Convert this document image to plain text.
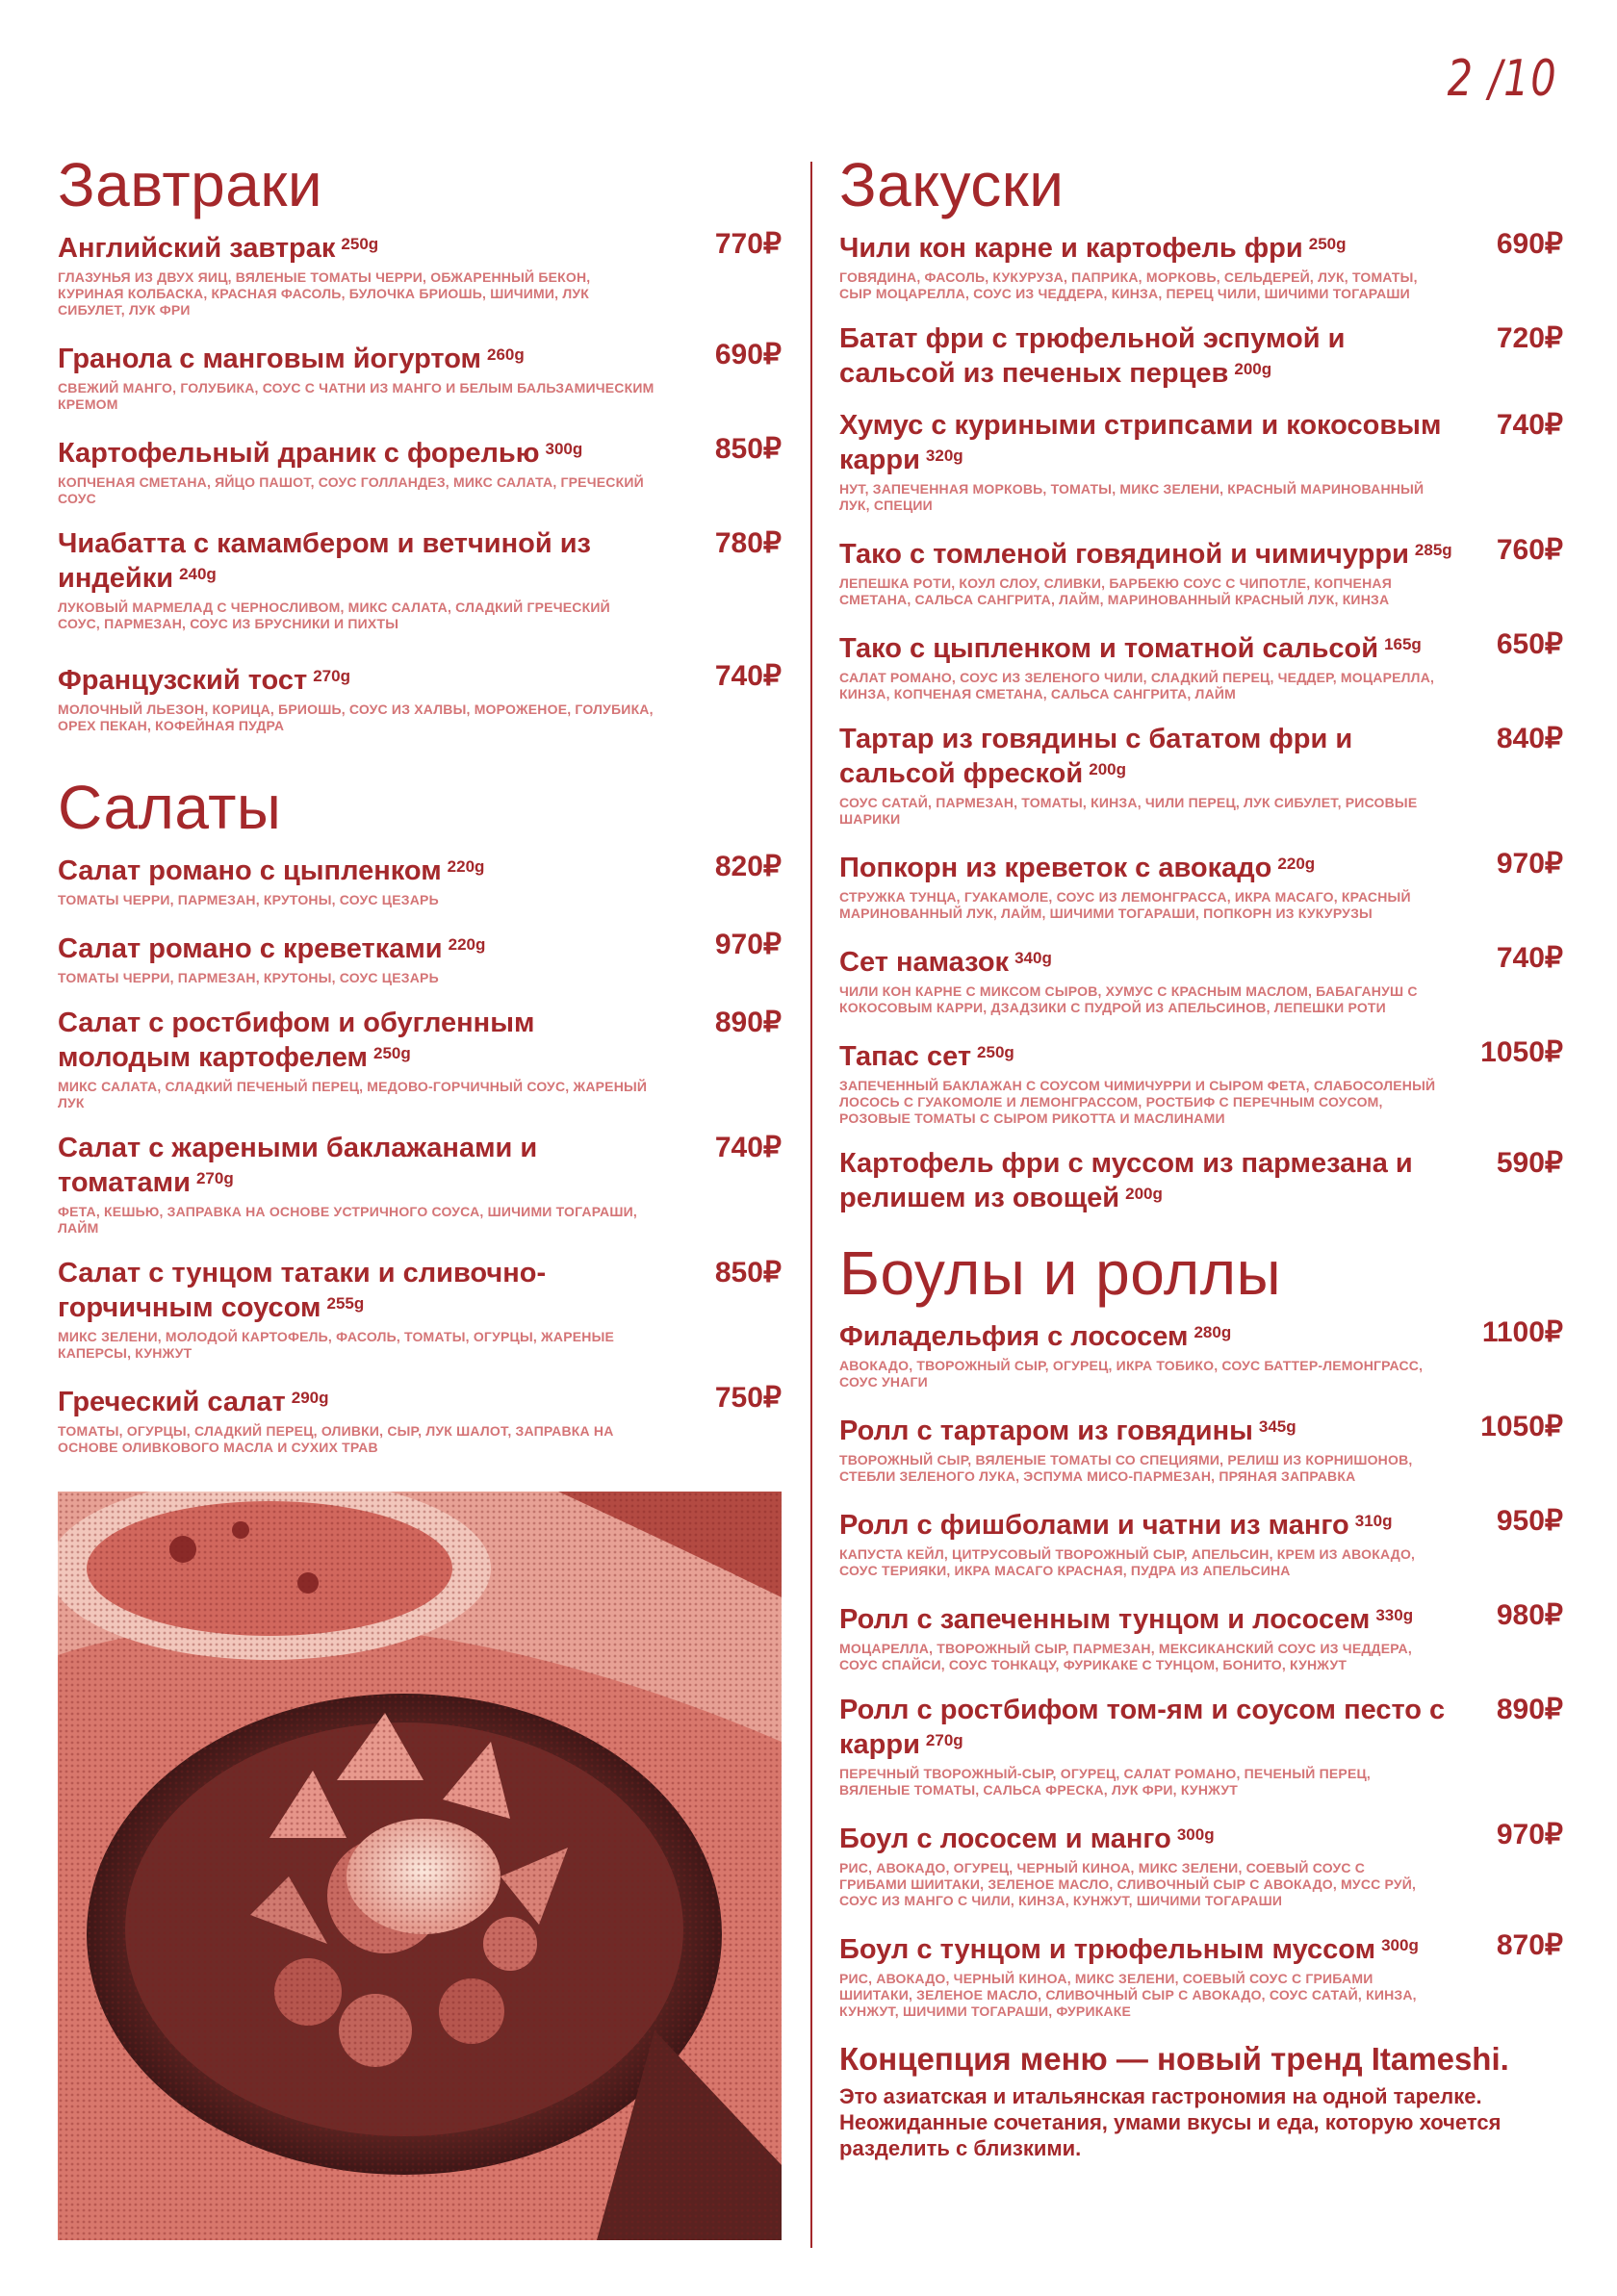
2 /10
Завтраки
Английский завтрак $^{250g}$	770₽
ГЛАЗУНЬЯ ИЗ ДВУХ ЯИЦ, ВЯЛЕНЫЕ ТОМАТЫ ЧЕРРИ, ОБЖАРЕННЫЙ БЕКОН, КУРИНАЯ КОЛБАСКА, КРАСНАЯ ФАСОЛЬ, БУЛОЧКА БРИОШЬ, ШИЧИМИ, ЛУК СИБУЛЕТ, ЛУК ФРИ
Гранола с манговым йогуртом $^{260g}$	690₽
СВЕЖИЙ МАНГО, ГОЛУБИКА, СОУС С ЧАТНИ ИЗ МАНГО И БЕЛЫМ БАЛЬЗАМИЧЕСКИМ КРЕМОМ
Картофельный драник с форелью $^{300g}$	850₽
КОПЧЕНАЯ СМЕТАНА, ЯЙЦО ПАШОТ, СОУС ГОЛЛАНДЕЗ, МИКС САЛАТА, ГРЕЧЕСКИЙ СОУС
Чиабатта с камамбером и ветчиной из индейки $^{240g}$
780₽
ЛУКОВЫЙ МАРМЕЛАД С ЧЕРНОСЛИВОМ, МИКС САЛАТА, СЛАДКИЙ ГРЕЧЕСКИЙ СОУС, ПАРМЕЗАН, СОУС ИЗ БРУСНИКИ И ПИХТЫ
Французский тост $^{270g}$	740₽
МОЛОЧНЫЙ ЛЬЕЗОН, КОРИЦА, БРИОШЬ, СОУС ИЗ ХАЛВЫ, МОРОЖЕНОЕ, ГОЛУБИКА, ОРЕХ ПЕКАН, КОФЕЙНАЯ ПУДРА
Салаты
Салат романо с цыпленком $^{220g}$	820₽
ТОМАТЫ ЧЕРРИ, ПАРМЕЗАН, КРУТОНЫ, СОУС ЦЕЗАРЬ
Салат романо с креветками $^{220g}$	970₽
ТОМАТЫ ЧЕРРИ, ПАРМЕЗАН, КРУТОНЫ, СОУС ЦЕЗАРЬ
Салат с ростбифом и обугленным молодым картофелем $^{250g}$
890₽
МИКС САЛАТА, СЛАДКИЙ ПЕЧЕНЫЙ ПЕРЕЦ, МЕДОВО-ГОРЧИЧНЫЙ СОУС, ЖАРЕНЫЙ ЛУК
Салат с жареными баклажанами и томатами $^{270g}$
740₽
ФЕТА, КЕШЬЮ, ЗАПРАВКА НА ОСНОВЕ УСТРИЧНОГО СОУСА, ШИЧИМИ ТОГАРАШИ, ЛАЙМ
Салат с тунцом татаки и сливочно-горчичным соусом $^{255g}$
850₽
МИКС ЗЕЛЕНИ, МОЛОДОЙ КАРТОФЕЛЬ, ФАСОЛЬ, ТОМАТЫ, ОГУРЦЫ, ЖАРЕНЫЕ КАПЕРСЫ, КУНЖУТ
Греческий салат $^{290g}$	750₽
ТОМАТЫ, ОГУРЦЫ, СЛАДКИЙ ПЕРЕЦ, ОЛИВКИ, СЫР, ЛУК ШАЛОТ, ЗАПРАВКА НА ОСНОВЕ ОЛИВКОВОГО МАСЛА И СУХИХ ТРАВ
Закуски
Чили кон карне и картофель фри $^{250g}$	690₽
ГОВЯДИНА, ФАСОЛЬ, КУКУРУЗА, ПАПРИКА, МОРКОВЬ, СЕЛЬДЕРЕЙ, ЛУК, ТОМАТЫ, СЫР МОЦАРЕЛЛА, СОУС ИЗ ЧЕДДЕРА, КИНЗА, ПЕРЕЦ ЧИЛИ, ШИЧИМИ ТОГАРАШИ
Батат фри с трюфельной эспумой и сальсой из печеных перцев $^{200g}$
720₽
Хумус с куриными стрипсами и кокосовым карри $^{320g}$
740₽
НУТ, ЗАПЕЧЕННАЯ МОРКОВЬ, ТОМАТЫ, МИКС ЗЕЛЕНИ, КРАСНЫЙ МАРИНОВАННЫЙ ЛУК, СПЕЦИИ
Тако с томленой говядиной и чимичурри $^{285g}$ 760₽
ЛЕПЕШКА РОТИ, КОУЛ СЛОУ, СЛИВКИ, БАРБЕКЮ СОУС С ЧИПОТЛЕ, КОПЧЕНАЯ СМЕТАНА, САЛЬСА САНГРИТА, ЛАЙМ, МАРИНОВАННЫЙ КРАСНЫЙ ЛУК, КИНЗА
Тако с цыпленком и томатной сальсой $^{165g}$	650₽
САЛАТ РОМАНО, СОУС ИЗ ЗЕЛЕНОГО ЧИЛИ, СЛАДКИЙ ПЕРЕЦ, ЧЕДДЕР, МОЦАРЕЛЛА, КИНЗА, КОПЧЕНАЯ СМЕТАНА, САЛЬСА САНГРИТА, ЛАЙМ
Тартар из говядины с бататом фри и сальсой фреской $^{200g}$
840₽
СОУС САТАЙ, ПАРМЕЗАН, ТОМАТЫ, КИНЗА, ЧИЛИ ПЕРЕЦ, ЛУК СИБУЛЕТ, РИСОВЫЕ ШАРИКИ
Попкорн из креветок с авокадо $^{220g}$	970₽
СТРУЖКА ТУНЦА, ГУАКАМОЛЕ, СОУС ИЗ ЛЕМОНГРАССА, ИКРА МАСАГО, КРАСНЫЙ МАРИНОВАННЫЙ ЛУК, ЛАЙМ, ШИЧИМИ ТОГАРАШИ, ПОПКОРН ИЗ КУКУРУЗЫ
Сет намазок $^{340g}$	740₽
ЧИЛИ КОН КАРНЕ С МИКСОМ СЫРОВ, ХУМУС С КРАСНЫМ МАСЛОМ, БАБАГАНУШ С КОКОСОВЫМ КАРРИ, ДЗАДЗИКИ С ПУДРОЙ ИЗ АПЕЛЬСИНОВ, ЛЕПЕШКИ РОТИ
Тапас сет $^{250g}$	1050₽
ЗАПЕЧЕННЫЙ БАКЛАЖАН С СОУСОМ ЧИМИЧУРРИ И СЫРОМ ФЕТА, СЛАБОСОЛЕНЫЙ ЛОСОСЬ С ГУАКОМОЛЕ И ЛЕМОНГРАССОМ, РОСТБИФ С ПЕРЕЧНЫМ СОУСОМ, РОЗОВЫЕ ТОМАТЫ С СЫРОМ РИКОТТА И МАСЛИНАМИ
Картофель фри с муссом из пармезана и релишем из овощей $^{200g}$
590₽
Боулы и роллы
Филадельфия с лососем $^{280g}$	1100₽
АВОКАДО, ТВОРОЖНЫЙ СЫР, ОГУРЕЦ, ИКРА ТОБИКО, СОУС БАТТЕР-ЛЕМОНГРАСС, СОУС УНАГИ
Ролл с тартаром из говядины $^{345g}$	1050₽
ТВОРОЖНЫЙ СЫР, ВЯЛЕНЫЕ ТОМАТЫ СО СПЕЦИЯМИ, РЕЛИШ ИЗ КОРНИШОНОВ, СТЕБЛИ ЗЕЛЕНОГО ЛУКА, ЭСПУМА МИСО-ПАРМЕЗАН, ПРЯНАЯ ЗАПРАВКА
Ролл с фишболами и чатни из манго $^{310g}$	950₽
КАПУСТА КЕЙЛ, ЦИТРУСОВЫЙ ТВОРОЖНЫЙ СЫР, АПЕЛЬСИН, КРЕМ ИЗ АВОКАДО, СОУС ТЕРИЯКИ, ИКРА МАСАГО КРАСНАЯ, ПУДРА ИЗ АПЕЛЬСИНА
Ролл с запеченным тунцом и лососем $^{330g}$	980₽
МОЦАРЕЛЛА, ТВОРОЖНЫЙ СЫР, ПАРМЕЗАН, МЕКСИКАНСКИЙ СОУС ИЗ ЧЕДДЕРА, СОУС СПАЙСИ, СОУС ТОНКАЦУ, ФУРИКАКЕ С ТУНЦОМ, БОНИТО, КУНЖУТ
Ролл с ростбифом том-ям и соусом песто с карри $^{270g}$
890₽
ПЕРЕЧНЫЙ ТВОРОЖНЫЙ-СЫР, ОГУРЕЦ, САЛАТ РОМАНО, ПЕЧЕНЫЙ ПЕРЕЦ, ВЯЛЕНЫЕ ТОМАТЫ, САЛЬСА ФРЕСКА, ЛУК ФРИ, КУНЖУТ
Боул с лососем и манго $^{300g}$	970₽
РИС, АВОКАДО, ОГУРЕЦ, ЧЕРНЫЙ КИНОА, МИКС ЗЕЛЕНИ, СОЕВЫЙ СОУС С ГРИБАМИ ШИИТАКИ, ЗЕЛЕНОЕ МАСЛО, СЛИВОЧНЫЙ СЫР С АВОКАДО, МУСС РУЙ, СОУС ИЗ МАНГО С ЧИЛИ, КИНЗА, КУНЖУТ, ШИЧИМИ ТОГАРАШИ
Боул с тунцом и трюфельным муссом $^{300g}$	870₽
РИС, АВОКАДО, ЧЕРНЫЙ КИНОА, МИКС ЗЕЛЕНИ, СОЕВЫЙ СОУС С ГРИБАМИ ШИИТАКИ, ЗЕЛЕНОЕ МАСЛО, СЛИВОЧНЫЙ СЫР С АВОКАДО, СОУС САТАЙ, КИНЗА, КУНЖУТ, ШИЧИМИ ТОГАРАШИ, ФУРИКАКЕ
Концепция меню — новый тренд Itameshi.
Это азиатская и итальянская гастрономия на одной тарелке. Неожиданные сочетания, умами вкусы и еда, которую хочется разделить с близкими.
